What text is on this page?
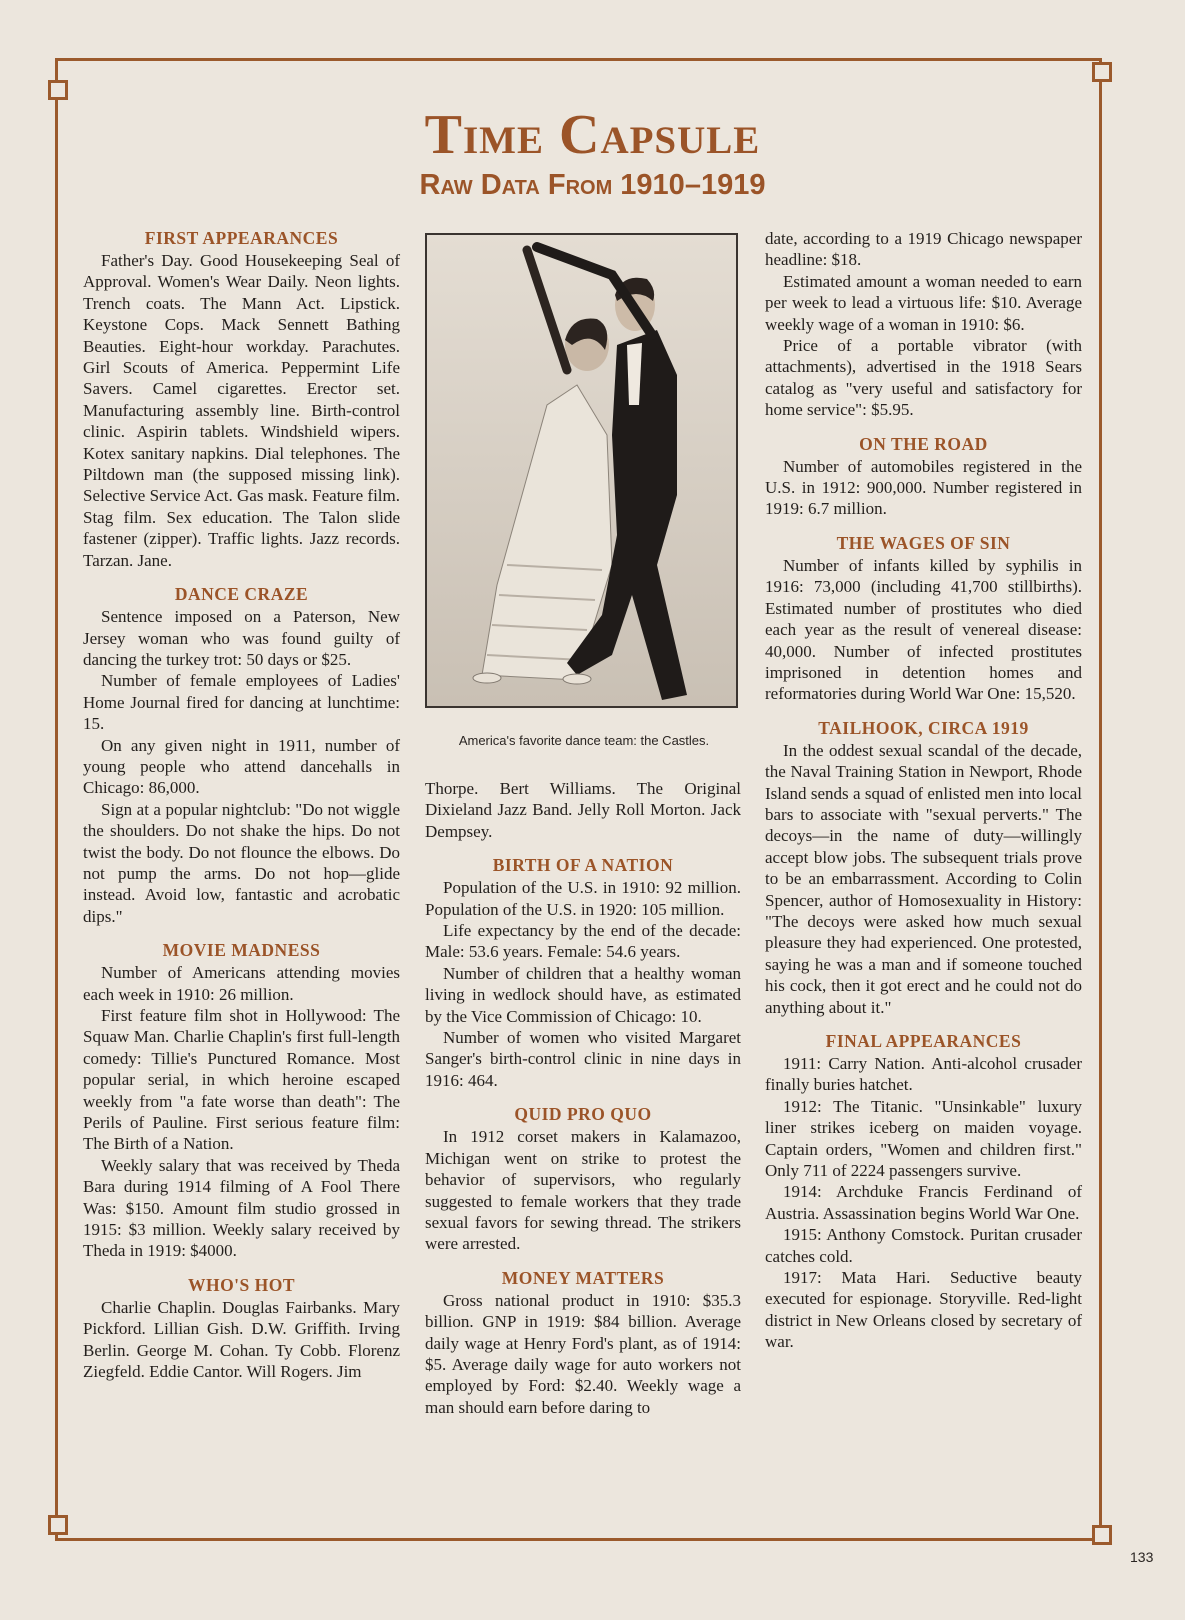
Time Capsule
Raw Data From 1910–1919
FIRST APPEARANCES

Father's Day. Good Housekeeping Seal of Approval. Women's Wear Daily. Neon lights. Trench coats. The Mann Act. Lipstick. Keystone Cops. Mack Sennett Bathing Beauties. Eight-hour workday. Parachutes. Girl Scouts of America. Peppermint Life Savers. Camel cigarettes. Erector set. Manufacturing assembly line. Birth-control clinic. Aspirin tablets. Windshield wipers. Kotex sanitary napkins. Dial telephones. The Piltdown man (the supposed missing link). Selective Service Act. Gas mask. Feature film. Stag film. Sex education. The Talon slide fastener (zipper). Traffic lights. Jazz records. Tarzan. Jane.

DANCE CRAZE

Sentence imposed on a Paterson, New Jersey woman who was found guilty of dancing the turkey trot: 50 days or $25.

Number of female employees of Ladies' Home Journal fired for dancing at lunchtime: 15.

On any given night in 1911, number of young people who attend dancehalls in Chicago: 86,000.

Sign at a popular nightclub: "Do not wiggle the shoulders. Do not shake the hips. Do not twist the body. Do not flounce the elbows. Do not pump the arms. Do not hop—glide instead. Avoid low, fantastic and acrobatic dips."

MOVIE MADNESS

Number of Americans attending movies each week in 1910: 26 million.

First feature film shot in Hollywood: The Squaw Man. Charlie Chaplin's first full-length comedy: Tillie's Punctured Romance. Most popular serial, in which heroine escaped weekly from "a fate worse than death": The Perils of Pauline. First serious feature film: The Birth of a Nation.

Weekly salary that was received by Theda Bara during 1914 filming of A Fool There Was: $150. Amount film studio grossed in 1915: $3 million. Weekly salary received by Theda in 1919: $4000.

WHO'S HOT

Charlie Chaplin. Douglas Fairbanks. Mary Pickford. Lillian Gish. D.W. Griffith. Irving Berlin. George M. Cohan. Ty Cobb. Florenz Ziegfeld. Eddie Cantor. Will Rogers. Jim

America's favorite dance team: the Castles.

Thorpe. Bert Williams. The Original Dixieland Jazz Band. Jelly Roll Morton. Jack Dempsey.

BIRTH OF A NATION

Population of the U.S. in 1910: 92 million. Population of the U.S. in 1920: 105 million.

Life expectancy by the end of the decade: Male: 53.6 years. Female: 54.6 years.

Number of children that a healthy woman living in wedlock should have, as estimated by the Vice Commission of Chicago: 10.

Number of women who visited Margaret Sanger's birth-control clinic in nine days in 1916: 464.

QUID PRO QUO

In 1912 corset makers in Kalamazoo, Michigan went on strike to protest the behavior of supervisors, who regularly suggested to female workers that they trade sexual favors for sewing thread. The strikers were arrested.

MONEY MATTERS

Gross national product in 1910: $35.3 billion. GNP in 1919: $84 billion. Average daily wage at Henry Ford's plant, as of 1914: $5. Average daily wage for auto workers not employed by Ford: $2.40. Weekly wage a man should earn before daring to

date, according to a 1919 Chicago newspaper headline: $18.

Estimated amount a woman needed to earn per week to lead a virtuous life: $10. Average weekly wage of a woman in 1910: $6.

Price of a portable vibrator (with attachments), advertised in the 1918 Sears catalog as "very useful and satisfactory for home service": $5.95.

ON THE ROAD

Number of automobiles registered in the U.S. in 1912: 900,000. Number registered in 1919: 6.7 million.

THE WAGES OF SIN

Number of infants killed by syphilis in 1916: 73,000 (including 41,700 stillbirths). Estimated number of prostitutes who died each year as the result of venereal disease: 40,000. Number of infected prostitutes imprisoned in detention homes and reformatories during World War One: 15,520.

TAILHOOK, CIRCA 1919

In the oddest sexual scandal of the decade, the Naval Training Station in Newport, Rhode Island sends a squad of enlisted men into local bars to associate with "sexual perverts." The decoys—in the name of duty—willingly accept blow jobs. The subsequent trials prove to be an embarrassment. According to Colin Spencer, author of Homosexuality in History: "The decoys were asked how much sexual pleasure they had experienced. One protested, saying he was a man and if someone touched his cock, then it got erect and he could not do anything about it."

FINAL APPEARANCES

1911: Carry Nation. Anti-alcohol crusader finally buries hatchet.

1912: The Titanic. "Unsinkable" luxury liner strikes iceberg on maiden voyage. Captain orders, "Women and children first." Only 711 of 2224 passengers survive.

1914: Archduke Francis Ferdinand of Austria. Assassination begins World War One.

1915: Anthony Comstock. Puritan crusader catches cold.

1917: Mata Hari. Seductive beauty executed for espionage. Storyville. Red-light district in New Orleans closed by secretary of war.

133
